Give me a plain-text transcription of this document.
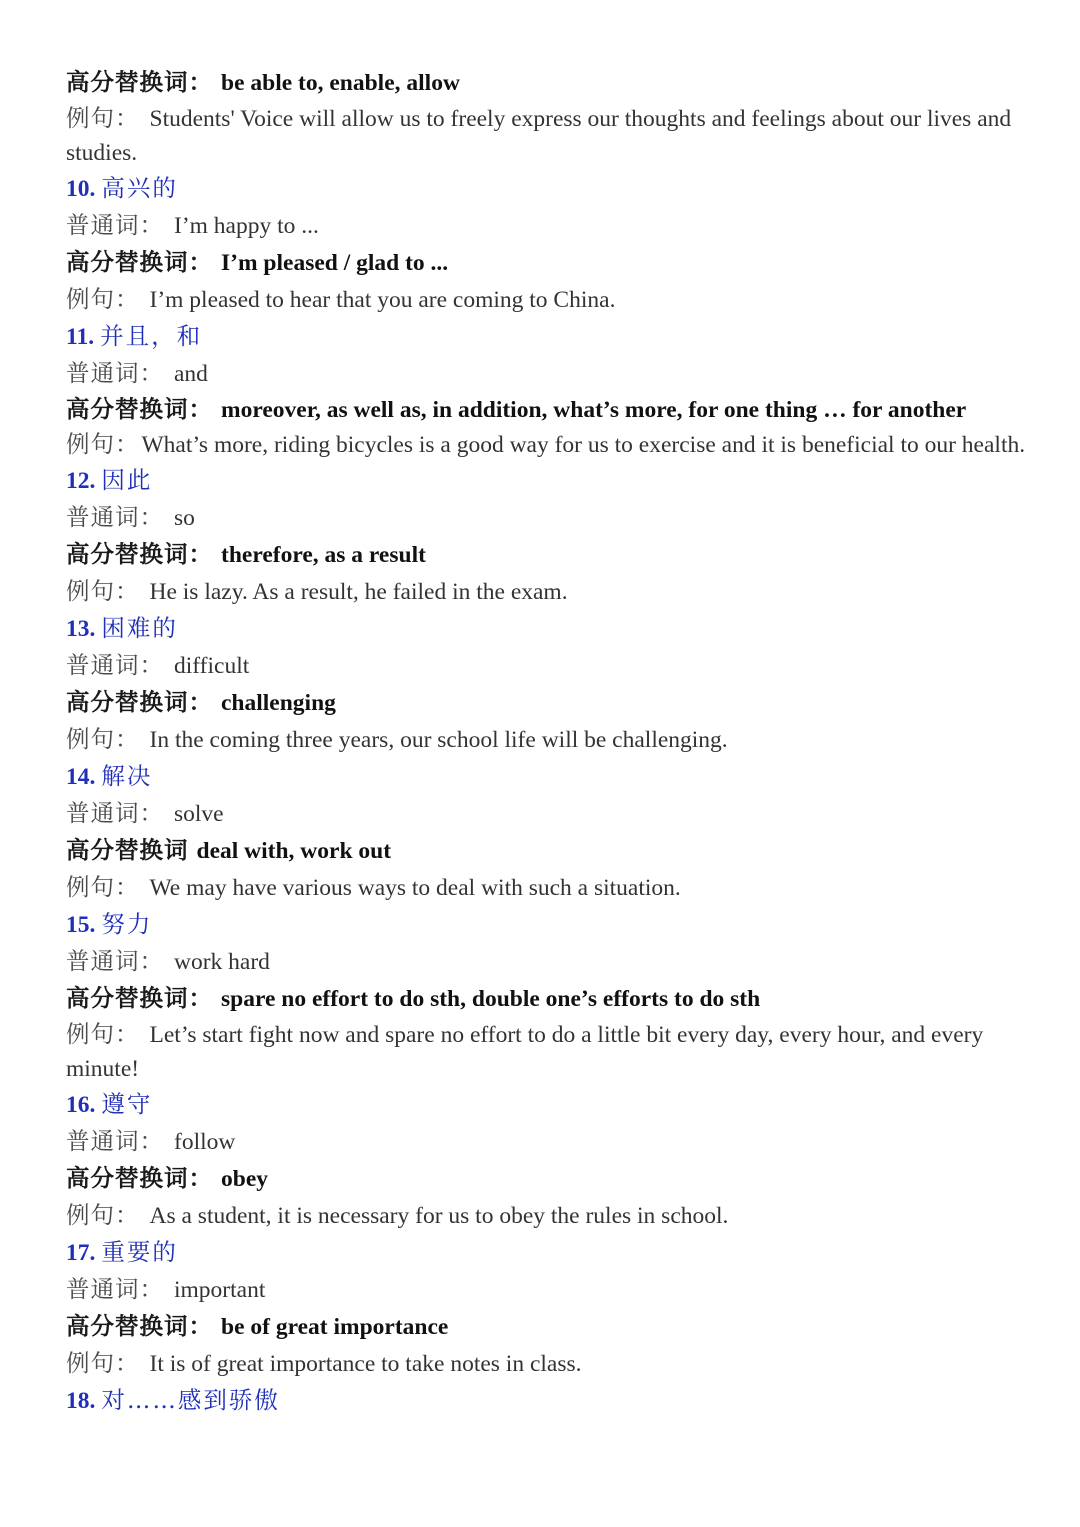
高分替换词： be able to, enable, allow
例句： Students' Voice will allow us to freely express our thoughts and feelings about our lives and studies.
10. 高兴的
普通词： I’m happy to ...
高分替换词： I’m pleased / glad to ...
例句： I’m pleased to hear that you are coming to China.
11. 并且，和
普通词： and
高分替换词： moreover, as well as, in addition, what’s more, for one thing … for another
例句：What’s more, riding bicycles is a good way for us to exercise and it is beneficial to our health.
12. 因此
普通词： so
高分替换词： therefore, as a result
例句： He is lazy. As a result, he failed in the exam.
13. 困难的
普通词： difficult
高分替换词： challenging
例句： In the coming three years, our school life will be challenging.
14. 解决
普通词： solve
高分替换词 deal with, work out
例句： We may have various ways to deal with such a situation.
15. 努力
普通词： work hard
高分替换词： spare no effort to do sth, double one’s efforts to do sth
例句： Let’s start fight now and spare no effort to do a little bit every day, every hour, and every minute!
16. 遵守
普通词： follow
高分替换词： obey
例句： As a student, it is necessary for us to obey the rules in school.
17. 重要的
普通词： important
高分替换词： be of great importance
例句： It is of great importance to take notes in class.
18. 对……感到骄傲
